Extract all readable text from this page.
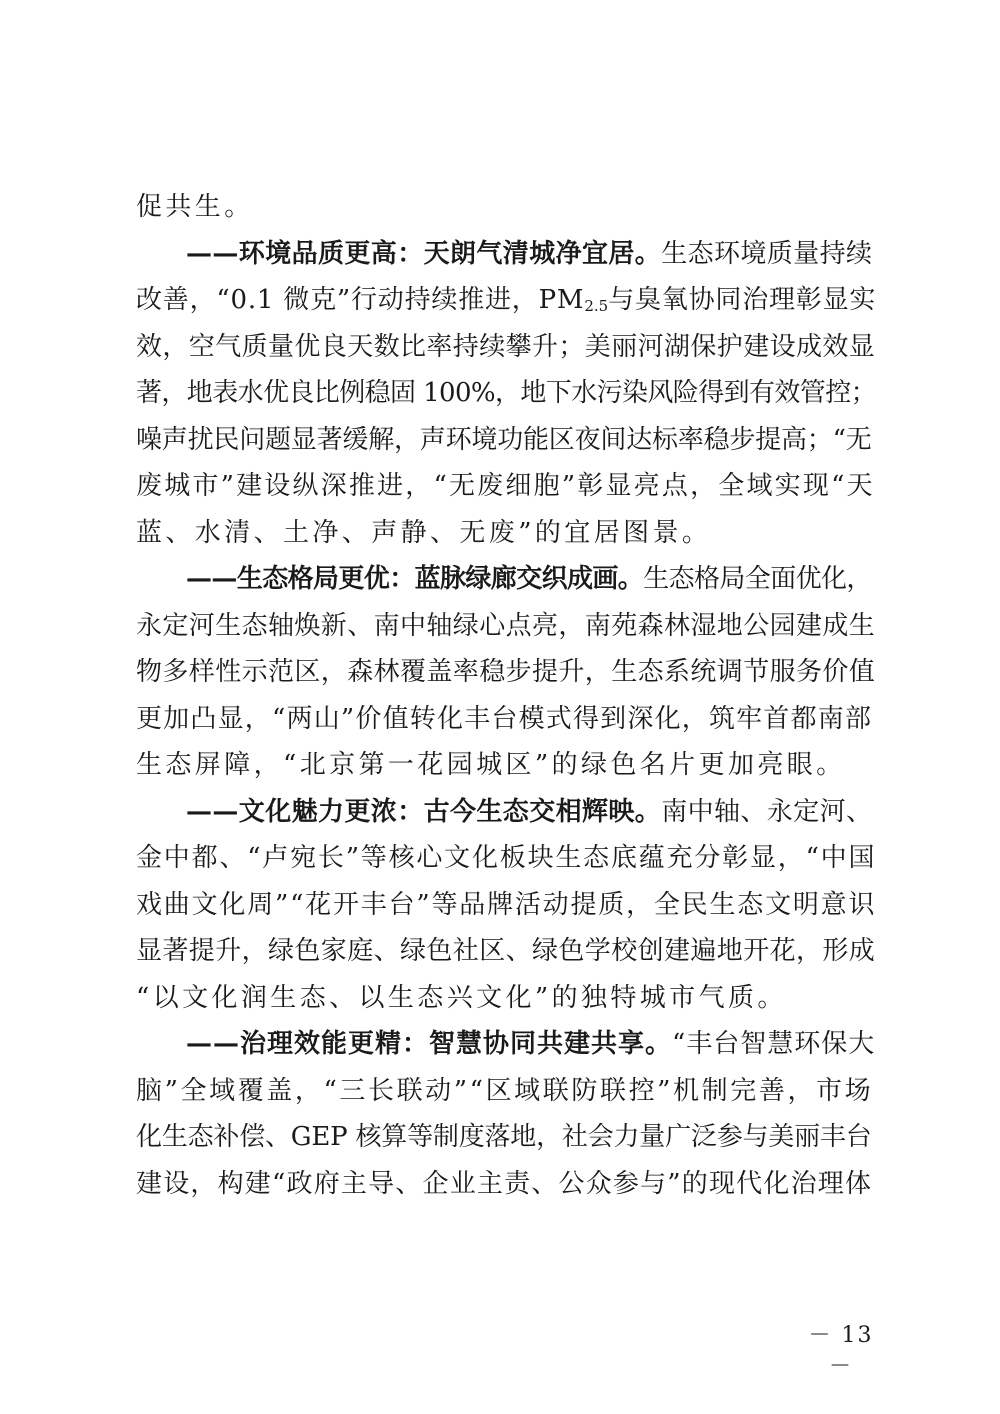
促共生。
——环境品质更高：天朗气清城净宜居。生态环境质量持续
改善，“0.1 微克”行动持续推进，$PM_{2.5}$与臭氧协同治理彰显实
效，空气质量优良天数比率持续攀升；美丽河湖保护建设成效显
著，地表水优良比例稳固 100%，地下水污染风险得到有效管控；
噪声扰民问题显著缓解，声环境功能区夜间达标率稳步提高；“无
废城市”建设纵深推进，“无废细胞”彰显亮点，全域实现“天
蓝、水清、土净、声静、无废”的宜居图景。
——生态格局更优：蓝脉绿廊交织成画。生态格局全面优化，
永定河生态轴焕新、南中轴绿心点亮，南苑森林湿地公园建成生
物多样性示范区，森林覆盖率稳步提升，生态系统调节服务价值
更加凸显，“两山”价值转化丰台模式得到深化，筑牢首都南部
生态屏障，“北京第一花园城区”的绿色名片更加亮眼。
——文化魅力更浓：古今生态交相辉映。南中轴、永定河、
金中都、“卢宛长”等核心文化板块生态底蕴充分彰显，“中国
戏曲文化周”“花开丰台”等品牌活动提质，全民生态文明意识
显著提升，绿色家庭、绿色社区、绿色学校创建遍地开花，形成
“以文化润生态、以生态兴文化”的独特城市气质。
——治理效能更精：智慧协同共建共享。“丰台智慧环保大
脑”全域覆盖，“三长联动”“区域联防联控”机制完善，市场
化生态补偿、GEP 核算等制度落地，社会力量广泛参与美丽丰台
建设，构建“政府主导、企业主责、公众参与”的现代化治理体
－ 13 －
